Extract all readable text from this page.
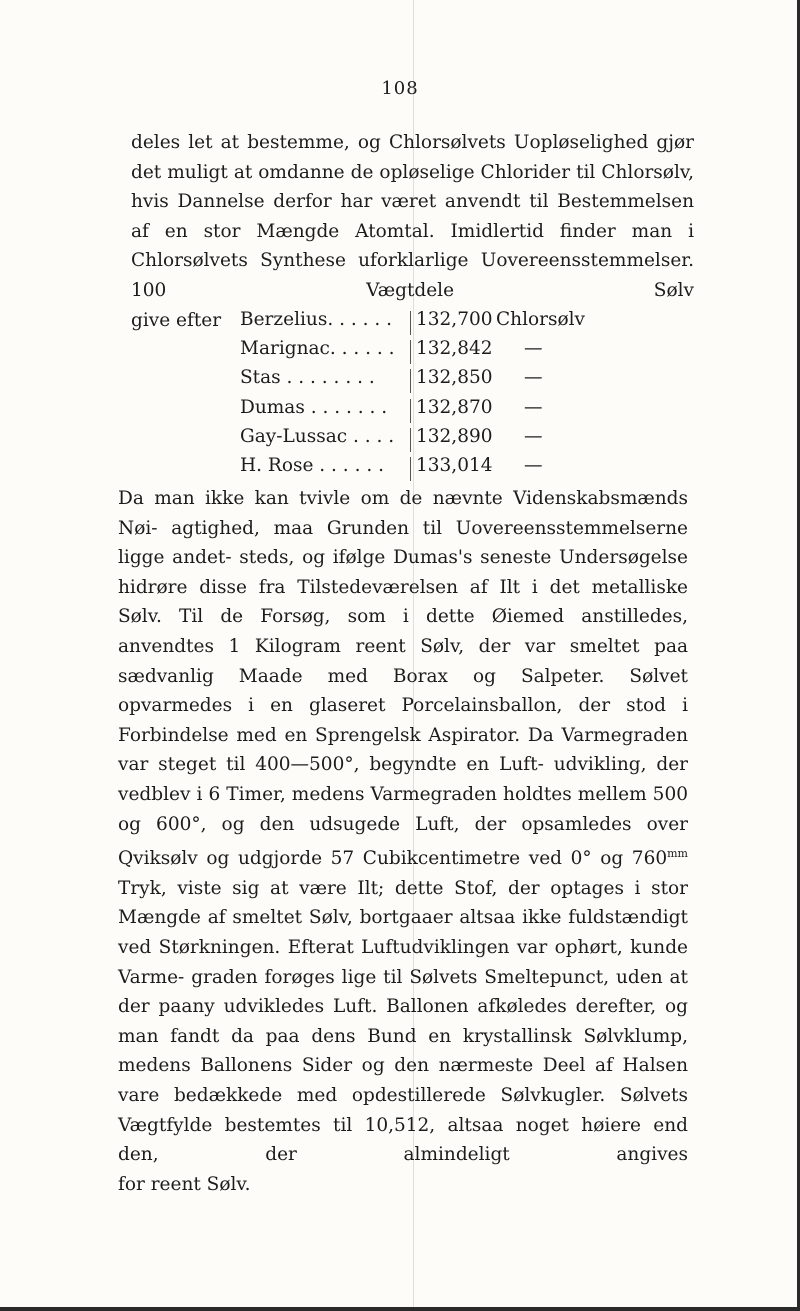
108

deles let at bestemme, og Chlorsølvets Uopløselighed gjør det muligt at omdanne de opløselige Chlorider til Chlorsølv, hvis Dannelse derfor har været anvendt til Bestemmelsen af en stor Mængde Atomtal. Imidlertid finder man i Chlorsølvets Synthese uforklarlige Uovereensstemmelser. 100 Vægtdele Sølv
give efter	Berzelius. . . . . . 132,700 Chlorsølv
Marignac. . . . . . 132,842 —
Stas . . . . . . . . 132,850 —
Dumas . . . . . . . 132,870 —
Gay-Lussac . . . . 132,890 —
H. Rose . . . . . . 133,014 —

Da man ikke kan tvivle om de nævnte Videnskabsmænds Nøi- agtighed, maa Grunden til Uovereensstemmelserne ligge andet- steds, og ifølge Dumas's seneste Undersøgelse hidrøre disse fra Tilstedeværelsen af Ilt i det metalliske Sølv. Til de Forsøg, som i dette Øiemed anstilledes, anvendtes 1 Kilogram reent Sølv, der var smeltet paa sædvanlig Maade med Borax og Salpeter. Sølvet opvarmedes i en glaseret Porcelainsballon, der stod i Forbindelse med en Sprengelsk Aspirator. Da Varmegraden var steget til 400—500°, begyndte en Luft- udvikling, der vedblev i 6 Timer, medens Varmegraden holdtes mellem 500 og 600°, og den udsugede Luft, der opsamledes over Qviksølv og udgjorde 57 Cubikcentimetre ved 0° og $760^{mm}$ Tryk, viste sig at være Ilt; dette Stof, der optages i stor Mængde af smeltet Sølv, bortgaaer altsaa ikke fuldstændigt ved Størkningen. Efterat Luftudviklingen var ophørt, kunde Varme- graden forøges lige til Sølvets Smeltepunct, uden at der paany udvikledes Luft. Ballonen afkøledes derefter, og man fandt da paa dens Bund en krystallinsk Sølvklump, medens Ballonens Sider og den nærmeste Deel af Halsen vare bedækkede med opdestillerede Sølvkugler. Sølvets Vægtfylde bestemtes til 10,512, altsaa noget høiere end den, der almindeligt angives
for reent Sølv.
